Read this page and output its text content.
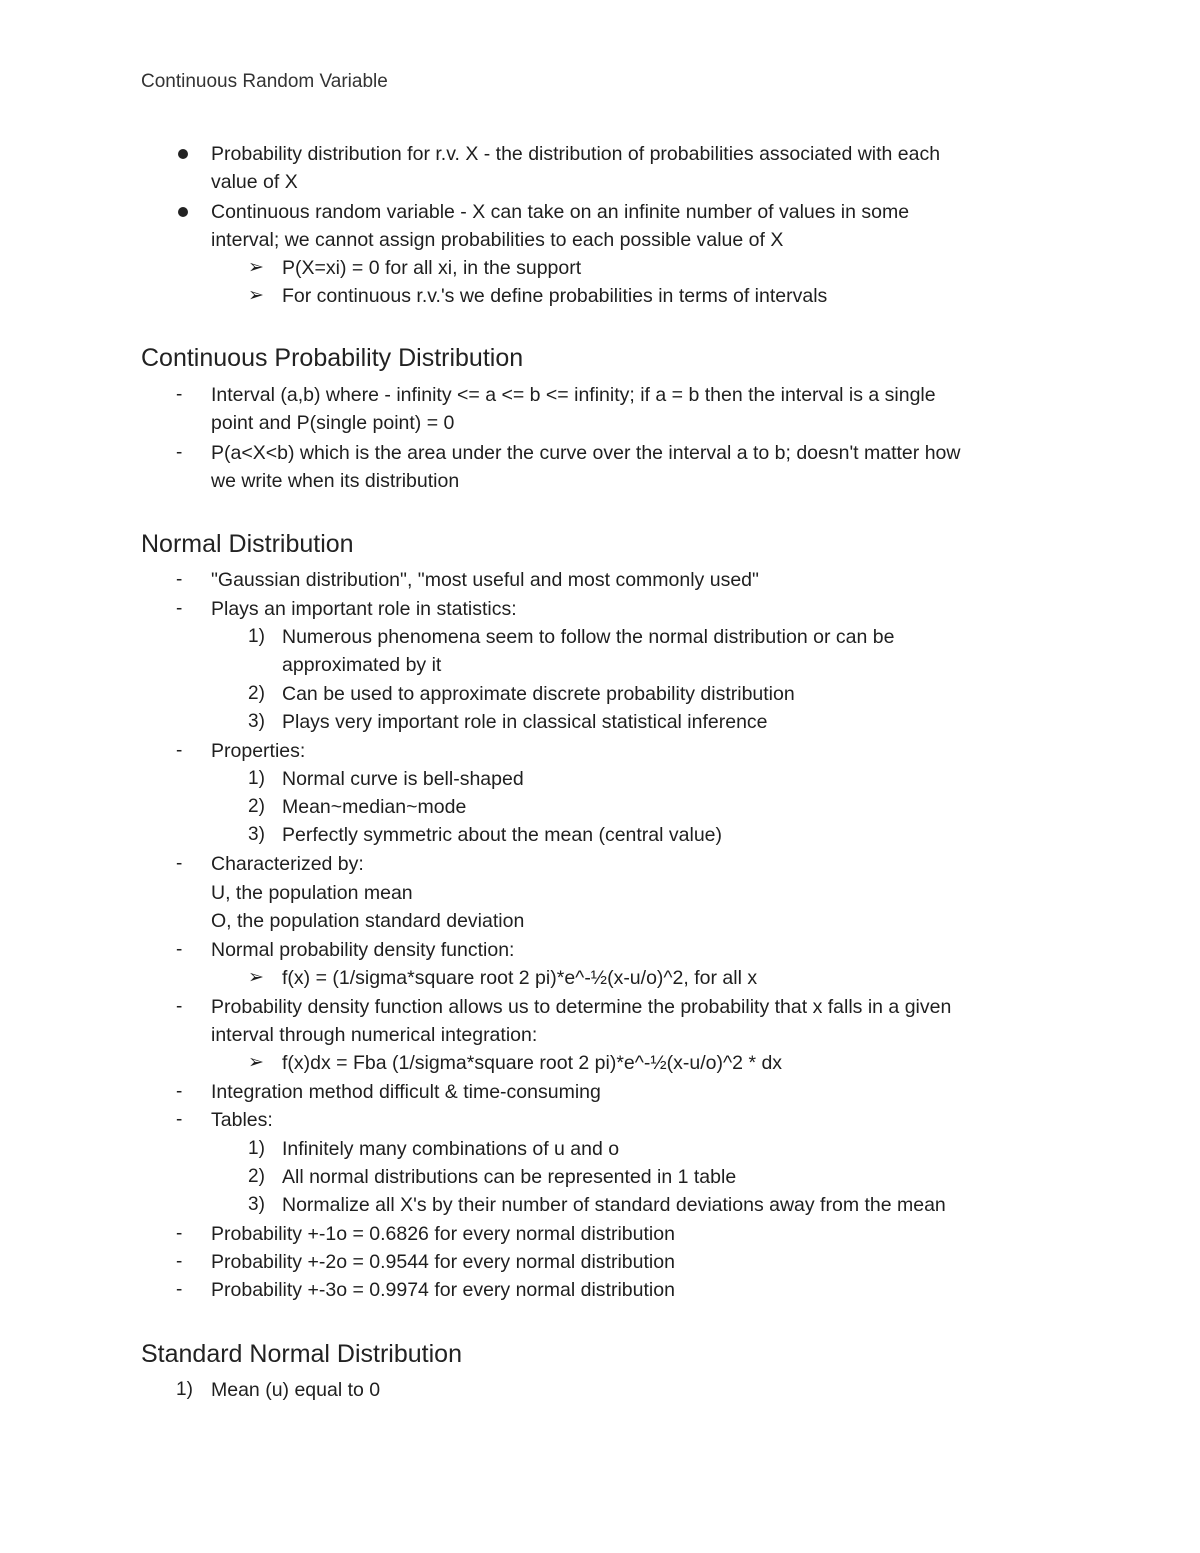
Continuous Random Variable
Probability distribution for r.v. X - the distribution of probabilities associated with each
value of X
Continuous random variable - X can take on an infinite number of values in some
interval; we cannot assign probabilities to each possible value of X
➢ P(X=xi) = 0 for all xi, in the support
➢ For continuous r.v.'s we define probabilities in terms of intervals
Continuous Probability Distribution
- Interval (a,b) where - infinity <= a <= b <= infinity; if a = b then the interval is a single
point and P(single point) = 0
- P(a<X<b) which is the area under the curve over the interval a to b; doesn't matter how
we write when its distribution
Normal Distribution
- "Gaussian distribution", "most useful and most commonly used"
- Plays an important role in statistics:
1) Numerous phenomena seem to follow the normal distribution or can be
approximated by it
2) Can be used to approximate discrete probability distribution
3) Plays very important role in classical statistical inference
- Properties:
1) Normal curve is bell-shaped
2) Mean~median~mode
3) Perfectly symmetric about the mean (central value)
- Characterized by:
U, the population mean
O, the population standard deviation
- Normal probability density function:
➢ f(x) = (1/sigma*square root 2 pi)*e^-½(x-u/o)^2, for all x
- Probability density function allows us to determine the probability that x falls in a given
interval through numerical integration:
➢ f(x)dx = Fba (1/sigma*square root 2 pi)*e^-½(x-u/o)^2 * dx
- Integration method difficult & time-consuming
- Tables:
1) Infinitely many combinations of u and o
2) All normal distributions can be represented in 1 table
3) Normalize all X's by their number of standard deviations away from the mean
- Probability +-1o = 0.6826 for every normal distribution
- Probability +-2o = 0.9544 for every normal distribution
- Probability +-3o = 0.9974 for every normal distribution
Standard Normal Distribution
1) Mean (u) equal to 0
